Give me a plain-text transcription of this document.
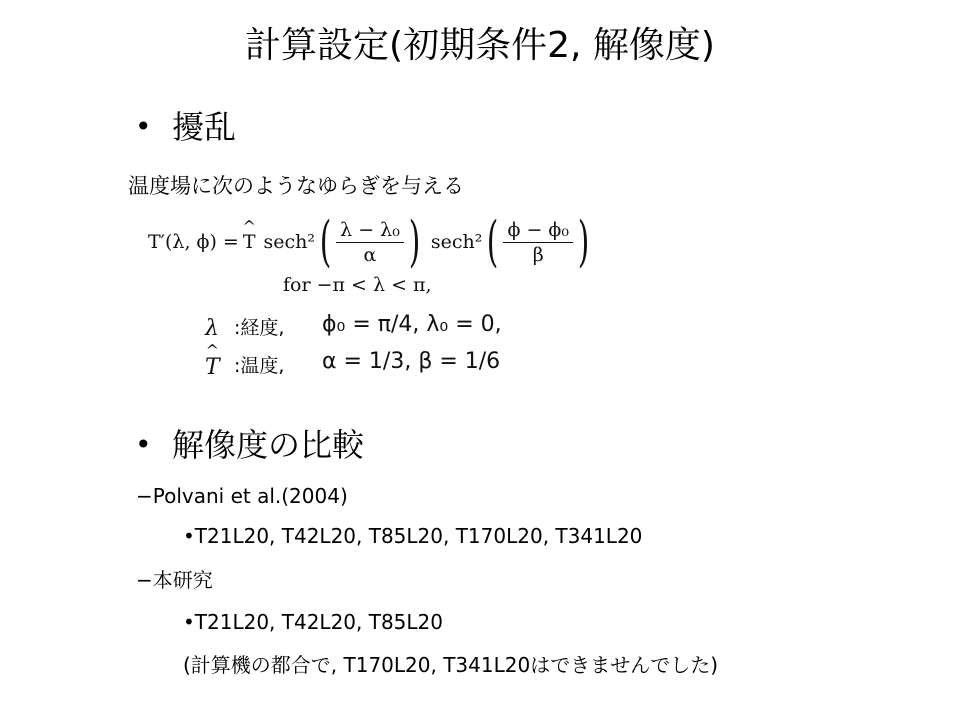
計算設定(初期条件2, 解像度)
• 擾乱
温度場に次のようなゆらぎを与える
T′(λ, ϕ) =
^ T sech² ( $\frac{\text{λ − λ₀}}{\alpha}$ ) sech² ( $\frac{\text{ϕ − ϕ₀}}{\beta}$ )
for −π < λ < π,
λ :経度, ϕ₀ = π/4, λ₀ = 0,
^ T :温度, α = 1/3, β = 1/6
• 解像度の比較
−Polvani et al.(2004)
•T21L20, T42L20, T85L20, T170L20, T341L20
−本研究
•T21L20, T42L20, T85L20
(計算機の都合で, T170L20, T341L20はできませんでした)
